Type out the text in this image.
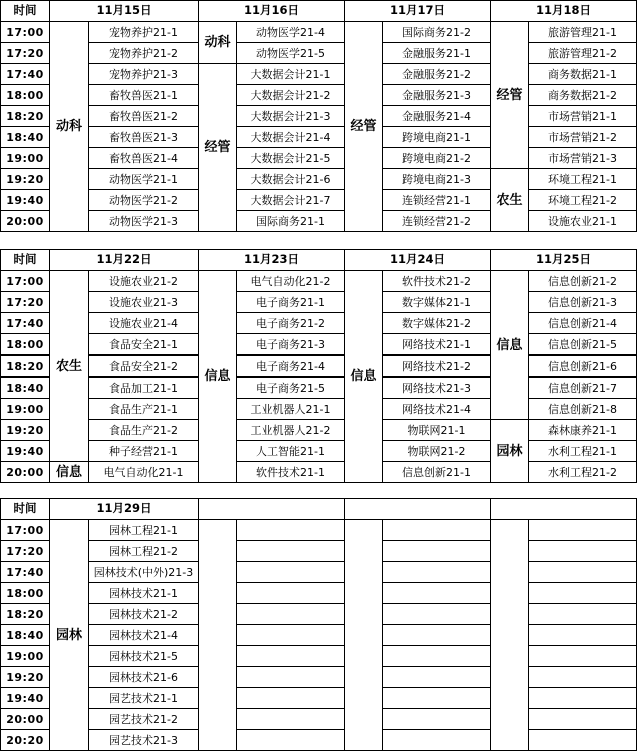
时间	11月15日		11月16日		11月17日		11月18日	
17:00	动科	宠物养护21-1	动科	动物医学21-4	经管	国际商务21-2	经管	旅游管理21-1
17:20		宠物养护21-2		动物医学21-5		金融服务21-1		旅游管理21-2
17:40		宠物养护21-3	经管	大数据会计21-1		金融服务21-2		商务数据21-1
18:00		畜牧兽医21-1		大数据会计21-2		金融服务21-3		商务数据21-2
18:20		畜牧兽医21-2		大数据会计21-3		金融服务21-4		市场营销21-1
18:40		畜牧兽医21-3		大数据会计21-4		跨境电商21-1		市场营销21-2
19:00		畜牧兽医21-4		大数据会计21-5		跨境电商21-2		市场营销21-3
19:20		动物医学21-1		大数据会计21-6		跨境电商21-3	农生	环境工程21-1
19:40		动物医学21-2		大数据会计21-7		连锁经营21-1		环境工程21-2
20:00		动物医学21-3		国际商务21-1		连锁经营21-2		设施农业21-1
时间	11月22日		11月23日		11月24日		11月25日	
17:00	农生	设施农业21-2	信息	电气自动化21-2	信息	软件技术21-2	信息	信息创新21-2
17:20		设施农业21-3		电子商务21-1		数字媒体21-1		信息创新21-3
17:40		设施农业21-4		电子商务21-2		数字媒体21-2		信息创新21-4
18:00		食品安全21-1		电子商务21-3		网络技术21-1		信息创新21-5
18:20		食品安全21-2		电子商务21-4		网络技术21-2		信息创新21-6
18:40		食品加工21-1		电子商务21-5		网络技术21-3		信息创新21-7
19:00		食品生产21-1		工业机器人21-1		网络技术21-4		信息创新21-8
19:20		食品生产21-2		工业机器人21-2		物联网21-1	园林	森林康养21-1
19:40		种子经营21-1		人工智能21-1		物联网21-2		水利工程21-1
20:00	信息	电气自动化21-1		软件技术21-1		信息创新21-1		水利工程21-2
时间	11月29日							
17:00	园林	园林工程21-1						
17:20		园林工程21-2						
17:40		园林技术(中外)21-3						
18:00		园林技术21-1						
18:20		园林技术21-2						
18:40		园林技术21-4						
19:00		园林技术21-5						
19:20		园林技术21-6						
19:40		园艺技术21-1						
20:00		园艺技术21-2						
20:20		园艺技术21-3						
